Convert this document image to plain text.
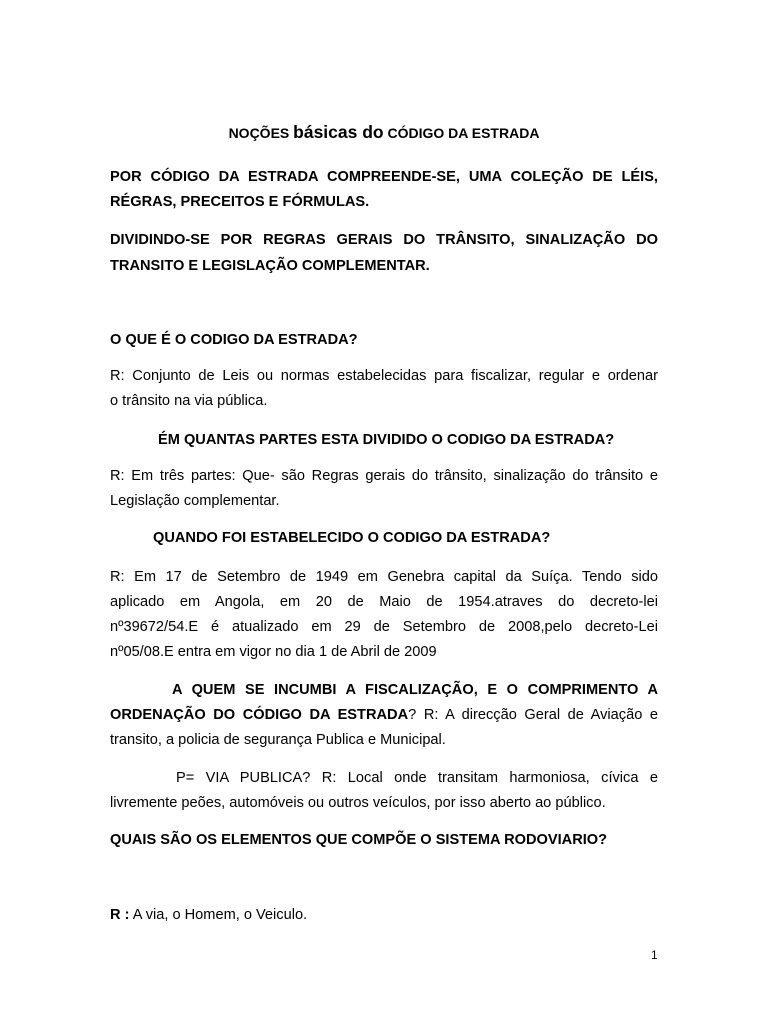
NOÇÕES básicas do CÓDIGO DA ESTRADA
POR CÓDIGO DA ESTRADA COMPREENDE-SE, UMA COLEÇÃO DE LÉIS,
RÉGRAS, PRECEITOS E FÓRMULAS.
DIVIDINDO-SE POR REGRAS GERAIS DO TRÂNSITO, SINALIZAÇÃO DO
TRANSITO E LEGISLAÇÃO COMPLEMENTAR.
O QUE É O CODIGO DA ESTRADA?
R: Conjunto de Leis ou normas estabelecidas para fiscalizar, regular e ordenar
o trânsito na via pública.
ÉM QUANTAS PARTES ESTA DIVIDIDO O CODIGO DA ESTRADA?
R: Em três partes: Que- são Regras gerais do trânsito, sinalização do trânsito e
Legislação complementar.
QUANDO FOI ESTABELECIDO O CODIGO DA ESTRADA?
R: Em 17 de Setembro de 1949 em Genebra capital da Suíça. Tendo sido
aplicado em Angola, em 20 de Maio de 1954.atraves do decreto-lei
nº39672/54.E é atualizado em 29 de Setembro de 2008,pelo decreto-Lei
nº05/08.E entra em vigor no dia 1 de Abril de 2009
A QUEM SE INCUMBI A FISCALIZAÇÃO, E O COMPRIMENTO A
ORDENAÇÃO DO CÓDIGO DA ESTRADA? R: A direcção Geral de Aviação e
transito, a policia de segurança Publica e Municipal.
P= VIA PUBLICA? R: Local onde transitam harmoniosa, cívica e
livremente peões, automóveis ou outros veículos, por isso aberto ao público.
QUAIS SÃO OS ELEMENTOS QUE COMPÕE O SISTEMA RODOVIARIO?
R : A via, o Homem, o Veiculo.
1
